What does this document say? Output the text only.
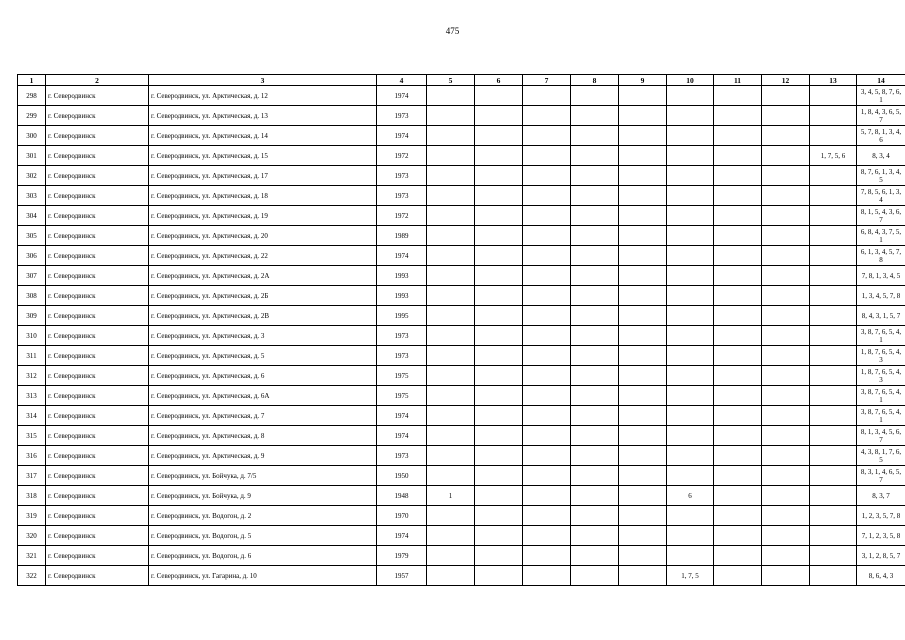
475
1	2	3	4	5	6	7	8	9	10	11	12	13	14
298	г. Северодвинск	г. Северодвинск, ул. Арктическая, д. 12	1974										3, 4, 5, 8, 7, 6, 1
299	г. Северодвинск	г. Северодвинск, ул. Арктическая, д. 13	1973										1, 8, 4, 3, 6, 5, 7
300	г. Северодвинск	г. Северодвинск, ул. Арктическая, д. 14	1974										5, 7, 8, 1, 3, 4, 6
301	г. Северодвинск	г. Северодвинск, ул. Арктическая, д. 15	1972									1, 7, 5, 6	8, 3, 4
302	г. Северодвинск	г. Северодвинск, ул. Арктическая, д. 17	1973										8, 7, 6, 1, 3, 4, 5
303	г. Северодвинск	г. Северодвинск, ул. Арктическая, д. 18	1973										7, 8, 5, 6, 1, 3, 4
304	г. Северодвинск	г. Северодвинск, ул. Арктическая, д. 19	1972										8, 1, 5, 4, 3, 6, 7
305	г. Северодвинск	г. Северодвинск, ул. Арктическая, д. 20	1989										6, 8, 4, 3, 7, 5, 1
306	г. Северодвинск	г. Северодвинск, ул. Арктическая, д. 22	1974										6, 1, 3, 4, 5, 7, 8
307	г. Северодвинск	г. Северодвинск, ул. Арктическая, д. 2А	1993										7, 8, 1, 3, 4, 5
308	г. Северодвинск	г. Северодвинск, ул. Арктическая, д. 2Б	1993										1, 3, 4, 5, 7, 8
309	г. Северодвинск	г. Северодвинск, ул. Арктическая, д. 2В	1995										8, 4, 3, 1, 5, 7
310	г. Северодвинск	г. Северодвинск, ул. Арктическая, д. 3	1973										3, 8, 7, 6, 5, 4, 1
311	г. Северодвинск	г. Северодвинск, ул. Арктическая, д. 5	1973										1, 8, 7, 6, 5, 4, 3
312	г. Северодвинск	г. Северодвинск, ул. Арктическая, д. 6	1975										1, 8, 7, 6, 5, 4, 3
313	г. Северодвинск	г. Северодвинск, ул. Арктическая, д. 6А	1975										3, 8, 7, 6, 5, 4, 1
314	г. Северодвинск	г. Северодвинск, ул. Арктическая, д. 7	1974										3, 8, 7, 6, 5, 4, 1
315	г. Северодвинск	г. Северодвинск, ул. Арктическая, д. 8	1974										8, 1, 3, 4, 5, 6, 7
316	г. Северодвинск	г. Северодвинск, ул. Арктическая, д. 9	1973										4, 3, 8, 1, 7, 6, 5
317	г. Северодвинск	г. Северодвинск, ул. Бойчука, д. 7/5	1950										8, 3, 1, 4, 6, 5, 7
318	г. Северодвинск	г. Северодвинск, ул. Бойчука, д. 9	1948	1					6				8, 3, 7
319	г. Северодвинск	г. Северодвинск, ул. Водогон, д. 2	1970										1, 2, 3, 5, 7, 8
320	г. Северодвинск	г. Северодвинск, ул. Водогон, д. 5	1974										7, 1, 2, 3, 5, 8
321	г. Северодвинск	г. Северодвинск, ул. Водогон, д. 6	1979										3, 1, 2, 8, 5, 7
322	г. Северодвинск	г. Северодвинск, ул. Гагарина, д. 10	1957						1, 7, 5				8, 6, 4, 3
